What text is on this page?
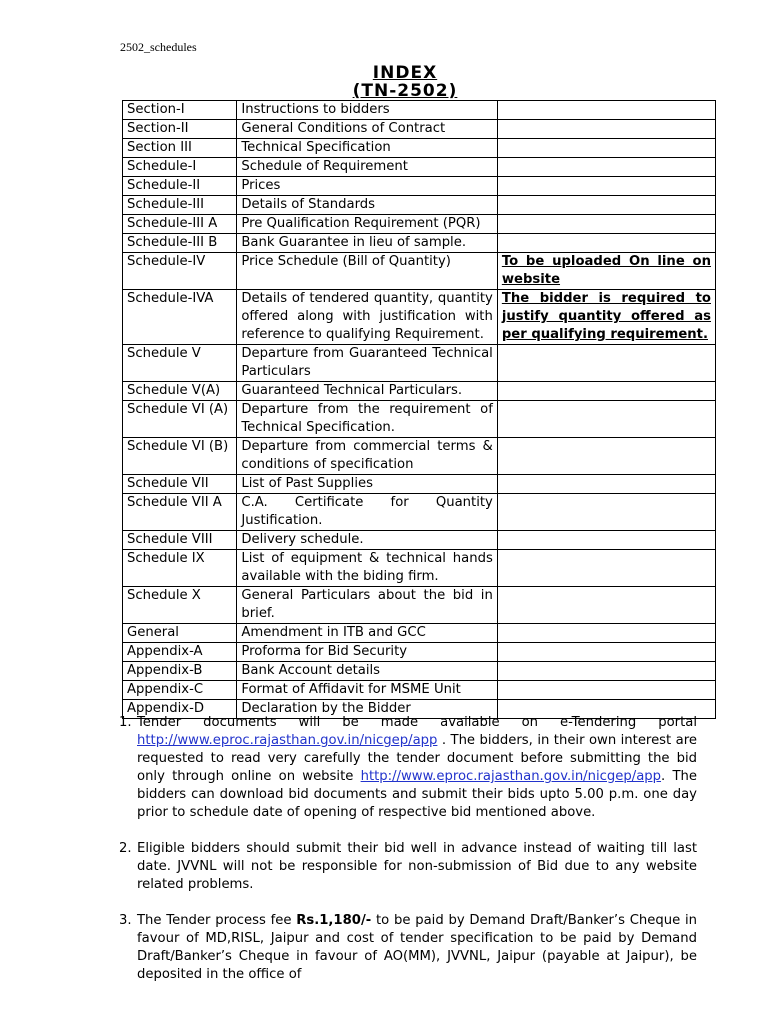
2502_schedules
INDEX
(TN-2502)
Section-I	Instructions to bidders	
Section-II	General Conditions of Contract	
Section III	Technical Specification	
Schedule-I	Schedule of Requirement	
Schedule-II	Prices	
Schedule-III	Details of Standards	
Schedule-III A	Pre Qualification Requirement (PQR)	
Schedule-III B	Bank Guarantee in lieu of sample.	
Schedule-IV	Price Schedule (Bill of Quantity)	To be uploaded On line on website
Schedule-IVA	Details of tendered quantity, quantity offered along with justification with reference to qualifying Requirement.	The bidder is required to justify quantity offered as per qualifying requirement.
Schedule V	Departure from Guaranteed Technical Particulars	
Schedule V(A)	Guaranteed Technical Particulars.	
Schedule VI (A)	Departure from the requirement of Technical Specification.	
Schedule VI (B)	Departure from commercial terms & conditions of specification	
Schedule VII	List of Past Supplies	
Schedule VII A	C.A. Certificate for Quantity Justification.	
Schedule VIII	Delivery schedule.	
Schedule IX	List of equipment & technical hands available with the biding firm.	
Schedule X	General Particulars about the bid in brief.	
General	Amendment in ITB and GCC	
Appendix-A	Proforma for Bid Security	
Appendix-B	Bank Account details	
Appendix-C	Format of Affidavit for MSME Unit	
Appendix-D	Declaration by the Bidder	
1. Tender documents will be made available on e-Tendering portal http://www.eproc.rajasthan.gov.in/nicgep/app . The bidders, in their own interest are requested to read very carefully the tender document before submitting the bid only through online on website http://www.eproc.rajasthan.gov.in/nicgep/app. The bidders can download bid documents and submit their bids upto 5.00 p.m. one day prior to schedule date of opening of respective bid mentioned above.
2. Eligible bidders should submit their bid well in advance instead of waiting till last date. JVVNL will not be responsible for non-submission of Bid due to any website related problems.
3. The Tender process fee Rs.1,180/- to be paid by Demand Draft/Banker’s Cheque in favour of MD,RISL, Jaipur and cost of tender specification to be paid by Demand Draft/Banker’s Cheque in favour of AO(MM), JVVNL, Jaipur (payable at Jaipur), be deposited in the office of
